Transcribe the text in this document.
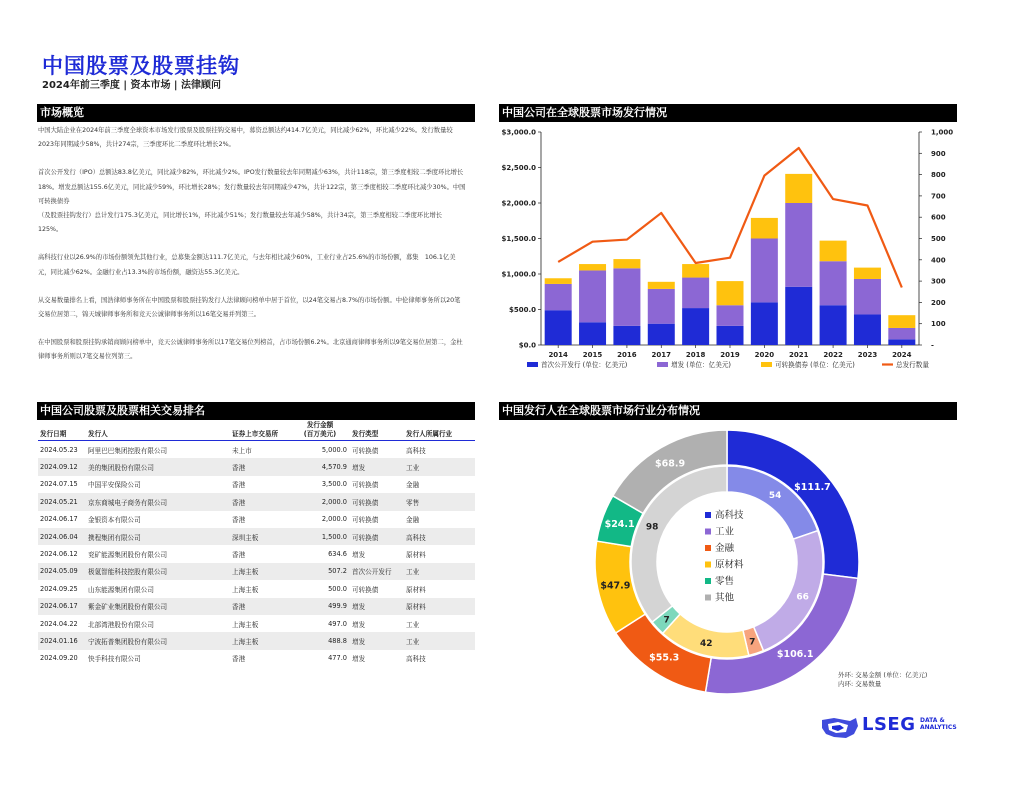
中国股票及股票挂钩
2024年前三季度 | 资本市场 | 法律顾问
市场概览	中国公司在全球股票市场发行情况
中国公司股票及股票相关交易排名	中国发行人在全球股票市场行业分布情况

中国大陆企业在2024年前三季度全球资本市场发行股票及股票挂钩交易中，募资总额达约414.7亿美元，同比减少62%，环比减少22%。发行数量较2023年同期减少58%，共计274宗，三季度环比二季度环比增长2%。

首次公开发行（IPO）总额达83.8亿美元，同比减少82%，环比减少2%。IPO发行数量较去年同期减少63%，共计118宗，第三季度相较二季度环比增长18%。增发总额达155.6亿美元，同比减少59%，环比增长28%；发行数量较去年同期减少47%，共计122宗，第三季度相较二季度环比减少30%。中国可转换债券

（及股票挂钩发行）总计发行175.3亿美元，同比增长1%，环比减少51%；发行数量较去年减少58%，共计34宗，第三季度相较二季度环比增长125%。

高科技行业以26.9%的市场份额领先其他行业，总募集金额达111.7亿美元，与去年相比减少60%，工业行业占25.6%的市场份额，募集　106.1亿美元，同比减少62%。金融行业占13.3%的市场份额，融资达55.3亿美元。

从交易数量排名上看，国浩律师事务所在中国股票和股票挂钩发行人法律顾问榜单中居于首位，以24笔交易占8.7%的市场份额。中伦律师事务所以20笔交易位居第二，锦天城律师事务所和竞天公诚律师事务所以16笔交易并列第三。

在中国股票和股票挂钩承销商顾问榜单中，竞天公诚律师事务所以17笔交易位列榜首，占市场份额6.2%。北京通商律师事务所以9笔交易位居第二，金杜律师事务所则以7笔交易位列第三。

发行日期	发行人	证券上市交易所	发行金额
(百万美元)	发行类型	发行人所属行业
2024.05.23	阿里巴巴集团控股有限公司	未上市	5,000.0	可转换债	高科技
2024.09.12	美的集团股份有限公司	香港	4,570.9	增发	工业
2024.07.15	中国平安保险公司	香港	3,500.0	可转换债	金融
2024.05.21	京东商城电子商务有限公司	香港	2,000.0	可转换债	零售
2024.06.17	金银资本有限公司	香港	2,000.0	可转换债	金融
2024.06.04	携程集团有限公司	深圳主板	1,500.0	可转换债	高科技
2024.06.12	兖矿能源集团股份有限公司	香港	634.6	增发	原材料
2024.05.09	极氪智能科技控股有限公司	上海主板	507.2	首次公开发行	工业
2024.09.25	山东能源集团有限公司	上海主板	500.0	可转换债	原材料
2024.06.17	紫金矿业集团股份有限公司	香港	499.9	增发	原材料
2024.04.22	北部湾港股份有限公司	上海主板	497.0	增发	工业
2024.01.16	宁波拓普集团股份有限公司	上海主板	488.8	增发	工业
2024.09.20	快手科技有限公司	香港	477.0	增发	高科技
$0.0
$500.0
$1,000.0
$1,500.0
$2,000.0
$2,500.0
$3,000.0
-
100
200
300
400
500
600
700
800
900
1,000
2014 2015 2016 2017 2018 2019 2020 2021 2022 2023 2024
首次公开发行 (单位：亿美元)	增发 (单位：亿美元)	可转换债券 (单位：亿美元)	总发行数量
$111.7
$106.1
$55.3
$47.9
$24.1
$68.9
54
66
7
42
7
98
高科技
工业
金融
原材料
零售
其他
外环: 交易金额 (单位：亿美元)
内环: 交易数量
LSEG DATA &
ANALYTICS
